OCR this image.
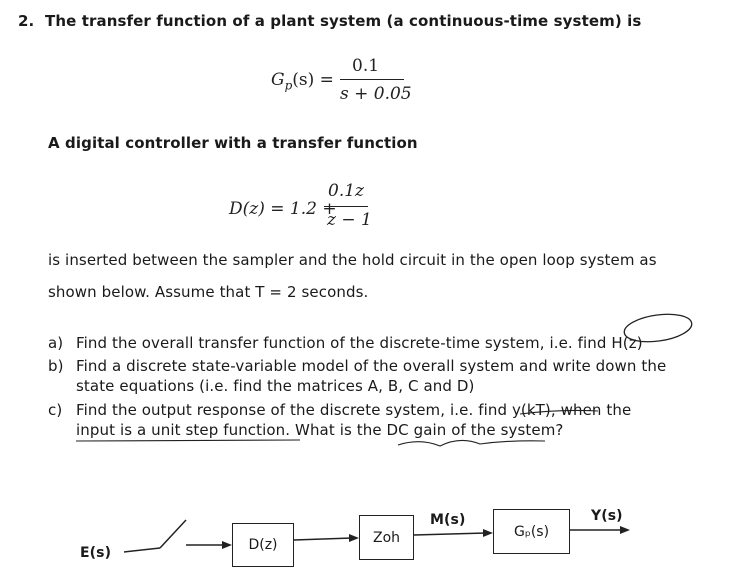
2. The transfer function of a plant system (a continuous-time system) is
$G_p(s)$ =
0.1
s + 0.05
A digital controller with a transfer function
D(z) = 1.2 +
0.1z
z − 1
is inserted between the sampler and the hold circuit in the open loop system as
shown below. Assume that T = 2 seconds.
a) Find the overall transfer function of the discrete-time system, i.e. find H(z)
b) Find a discrete state-variable model of the overall system and write down the
state equations (i.e. find the matrices A, B, C and D)
c) Find the output response of the discrete system, i.e. find y(kT), when the
input is a unit step function. What is the DC gain of the system?
E(s)	D(z)	Zoh
M(s)
Gₚ(s)
Y(s)
